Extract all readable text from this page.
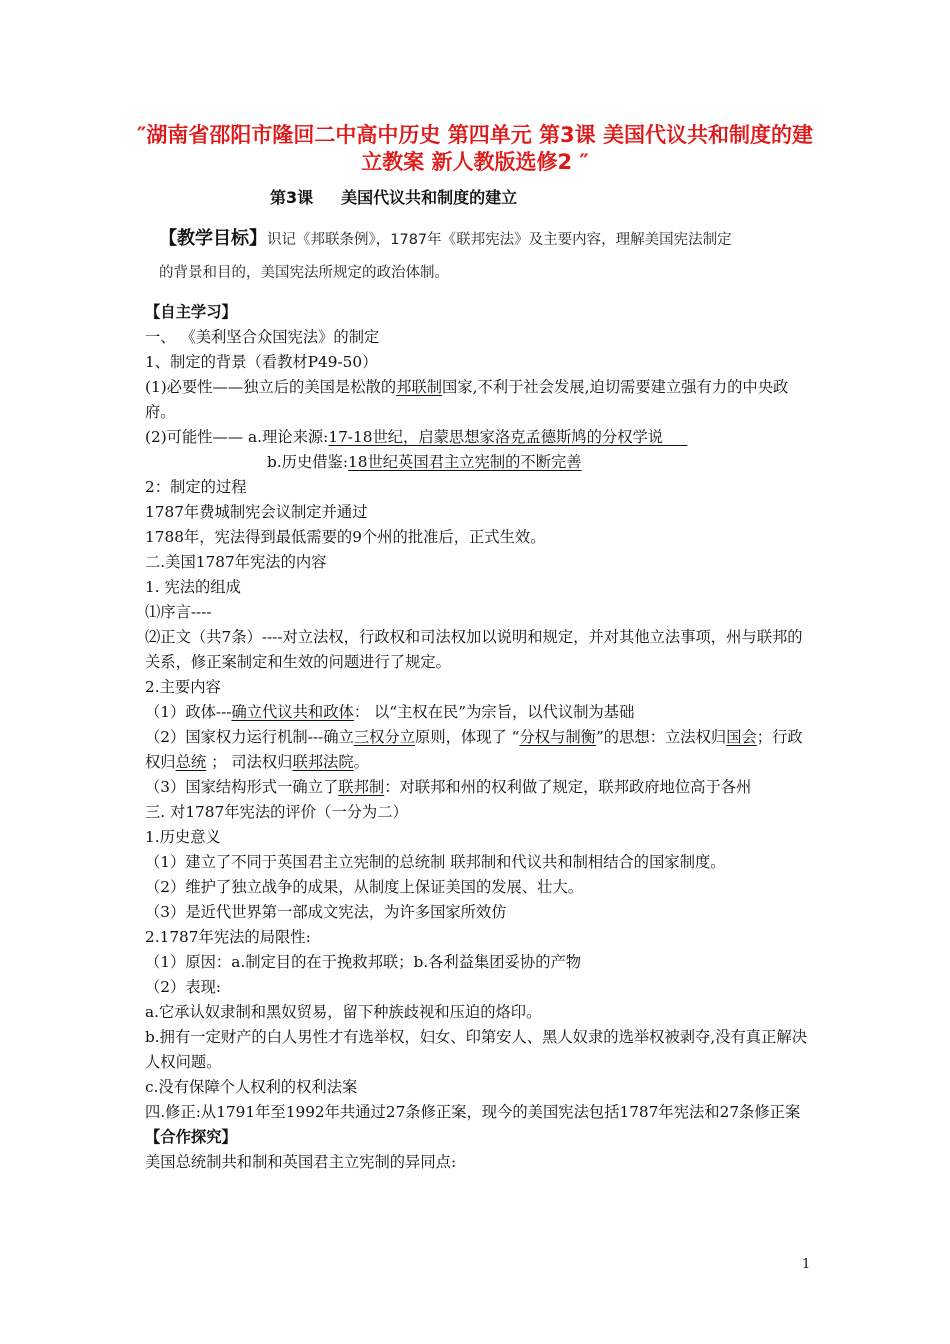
″湖南省邵阳市隆回二中高中历史 第四单元 第3课 美国代议共和制度的建立教案 新人教版选修2 ″
第3课 美国代议共和制度的建立
【教学目标】识记《邦联条例》，1787年《联邦宪法》及主要内容，理解美国宪法制定
的背景和目的，美国宪法所规定的政治体制。

【自主学习】

一、 《美利坚合众国宪法》的制定

1、制定的背景（看教材P49-50）

(1)必要性——独立后的美国是松散的邦联制国家,不利于社会发展,迫切需要建立强有力的中央政府。

(2)可能性—— a.理论来源:17-18世纪，启蒙思想家洛克孟德斯鸠的分权学说

b.历史借鉴:18世纪英国君主立宪制的不断完善

2：制定的过程

1787年费城制宪会议制定并通过

1788年，宪法得到最低需要的9个州的批准后，正式生效。

二.美国1787年宪法的内容

1. 宪法的组成

⑴序言----

⑵正文（共7条）----对立法权，行政权和司法权加以说明和规定，并对其他立法事项，州与联邦的关系，修正案制定和生效的问题进行了规定。

2.主要内容

（1）政体---确立代议共和政体： 以“主权在民”为宗旨，以代议制为基础

（2）国家权力运行机制---确立三权分立原则，体现了 “分权与制衡”的思想：立法权归国会；行政权归总统 ； 司法权归联邦法院。

（3）国家结构形式一确立了联邦制：对联邦和州的权利做了规定，联邦政府地位高于各州

三. 对1787年宪法的评价（一分为二）

1.历史意义

（1）建立了不同于英国君主立宪制的总统制 联邦制和代议共和制相结合的国家制度。

（2）维护了独立战争的成果，从制度上保证美国的发展、壮大。

（3）是近代世界第一部成文宪法，为许多国家所效仿

2.1787年宪法的局限性:

（1）原因：a.制定目的在于挽救邦联；b.各利益集团妥协的产物

（2）表现:

a.它承认奴隶制和黑奴贸易，留下种族歧视和压迫的烙印。

b.拥有一定财产的白人男性才有选举权，妇女、印第安人、黑人奴隶的选举权被剥夺,没有真正解决人权问题。

c.没有保障个人权利的权利法案

四.修正:从1791年至1992年共通过27条修正案，现今的美国宪法包括1787年宪法和27条修正案

【合作探究】

美国总统制共和制和英国君主立宪制的异同点:

1
